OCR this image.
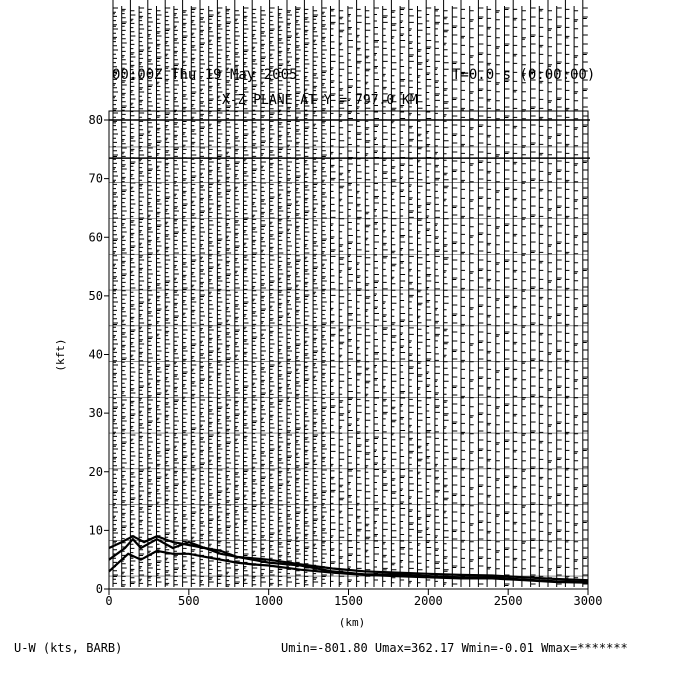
00:00Z Thu 19 May 2005	T=0.0 s (0:00:00)
X-Z PLANE AT Y = 797.0 KM
0	500	1000	1500	2000	2500	3000
0
10
20
30
40
50
60
70
80
(km)
(kft)
U-W (kts, BARB)	Umin=-801.80 Umax=362.17 Wmin=-0.01 Wmax=*******
